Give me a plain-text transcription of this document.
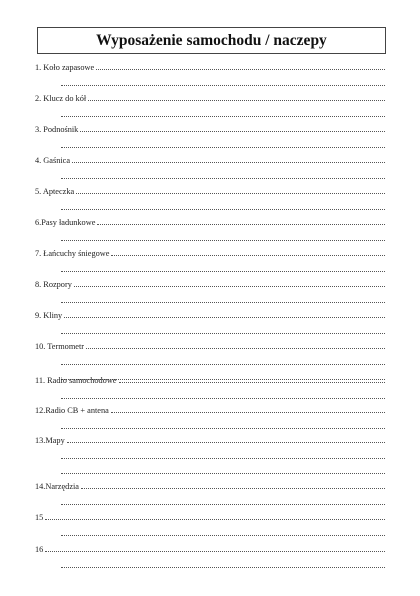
Wyposażenie samochodu / naczepy
1. Koło zapasowe
2. Klucz do kół
3. Podnośnik
4. Gaśnica
5. Apteczka
6.Pasy ładunkowe
7. Łańcuchy śniegowe
8. Rozpory
9. Kliny
10. Termometr
11. Radio samochodowe
12.Radio CB + antena
13.Mapy
14.Narzędzia
15
16
